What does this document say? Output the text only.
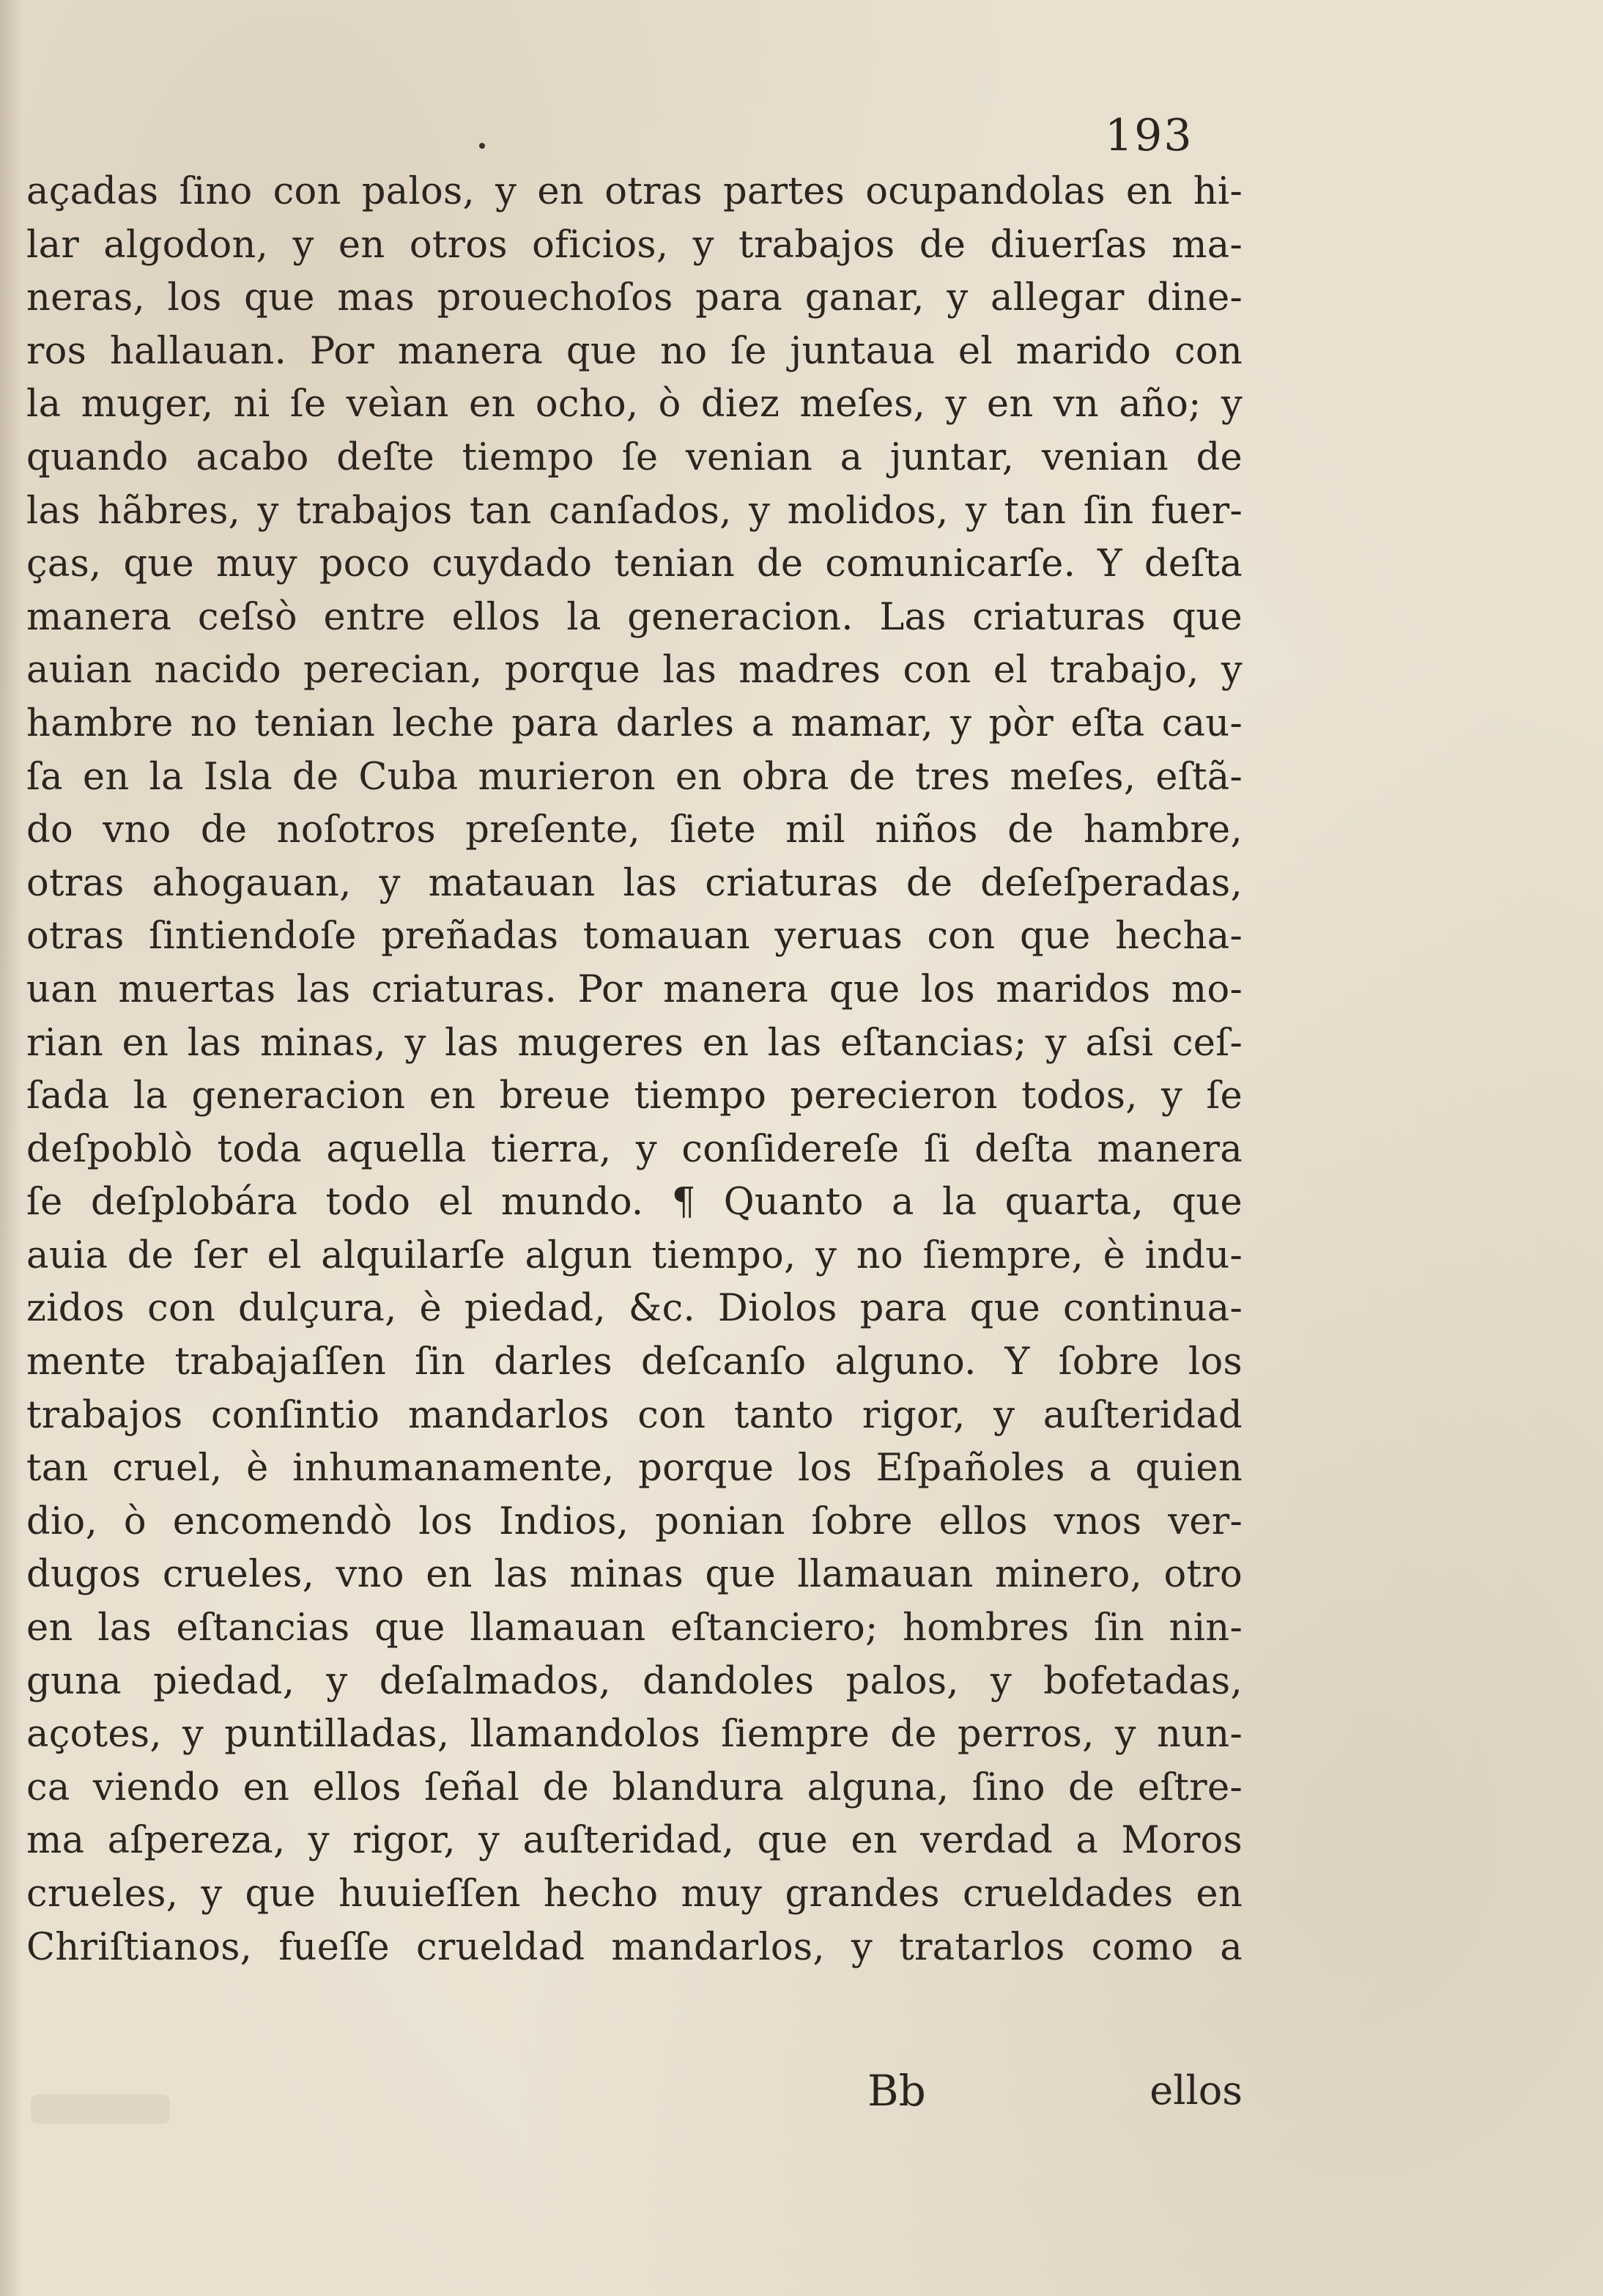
193
açadas ſino con palos, y en otras partes ocupandolas en hi-
lar algodon, y en otros oficios, y trabajos de diuerſas ma-
neras, los que mas prouechoſos para ganar, y allegar dine-
ros hallauan. Por manera que no ſe juntaua el marido con
la muger, ni ſe veìan en ocho, ò diez meſes, y en vn año; y
quando acabo deſte tiempo ſe venian a juntar, venian de
las hãbres, y trabajos tan canſados, y molidos, y tan ſin fuer-
ças, que muy poco cuydado tenian de comunicarſe. Y deſta
manera ceſsò entre ellos la generacion. Las criaturas que
auian nacido perecian, porque las madres con el trabajo, y
hambre no tenian leche para darles a mamar, y pòr eſta cau-
ſa en la Isla de Cuba murieron en obra de tres meſes, eſtã-
do vno de noſotros preſente, ſiete mil niños de hambre,
otras ahogauan, y matauan las criaturas de deſeſperadas,
otras ſintiendoſe preñadas tomauan yeruas con que hecha-
uan muertas las criaturas. Por manera que los maridos mo-
rian en las minas, y las mugeres en las eſtancias; y aſsi ceſ-
ſada la generacion en breue tiempo perecieron todos, y ſe
deſpoblò toda aquella tierra, y conſidereſe ſi deſta manera
ſe deſplobára todo el mundo. ¶ Quanto a la quarta, que
auia de ſer el alquilarſe algun tiempo, y no ſiempre, è indu-
zidos con dulçura, è piedad, &c. Diolos para que continua-
mente trabajaſſen ſin darles deſcanſo alguno. Y ſobre los
trabajos conſintio mandarlos con tanto rigor, y auſteridad
tan cruel, è inhumanamente, porque los Eſpañoles a quien
dio, ò encomendò los Indios, ponian ſobre ellos vnos ver-
dugos crueles, vno en las minas que llamauan minero, otro
en las eſtancias que llamauan eſtanciero; hombres ſin nin-
guna piedad, y deſalmados, dandoles palos, y bofetadas,
açotes, y puntilladas, llamandolos ſiempre de perros, y nun-
ca viendo en ellos ſeñal de blandura alguna, ſino de eſtre-
ma aſpereza, y rigor, y auſteridad, que en verdad a Moros
crueles, y que huuieſſen hecho muy grandes crueldades en
Chriſtianos, fueſſe crueldad mandarlos, y tratarlos como a
Bb	ellos
